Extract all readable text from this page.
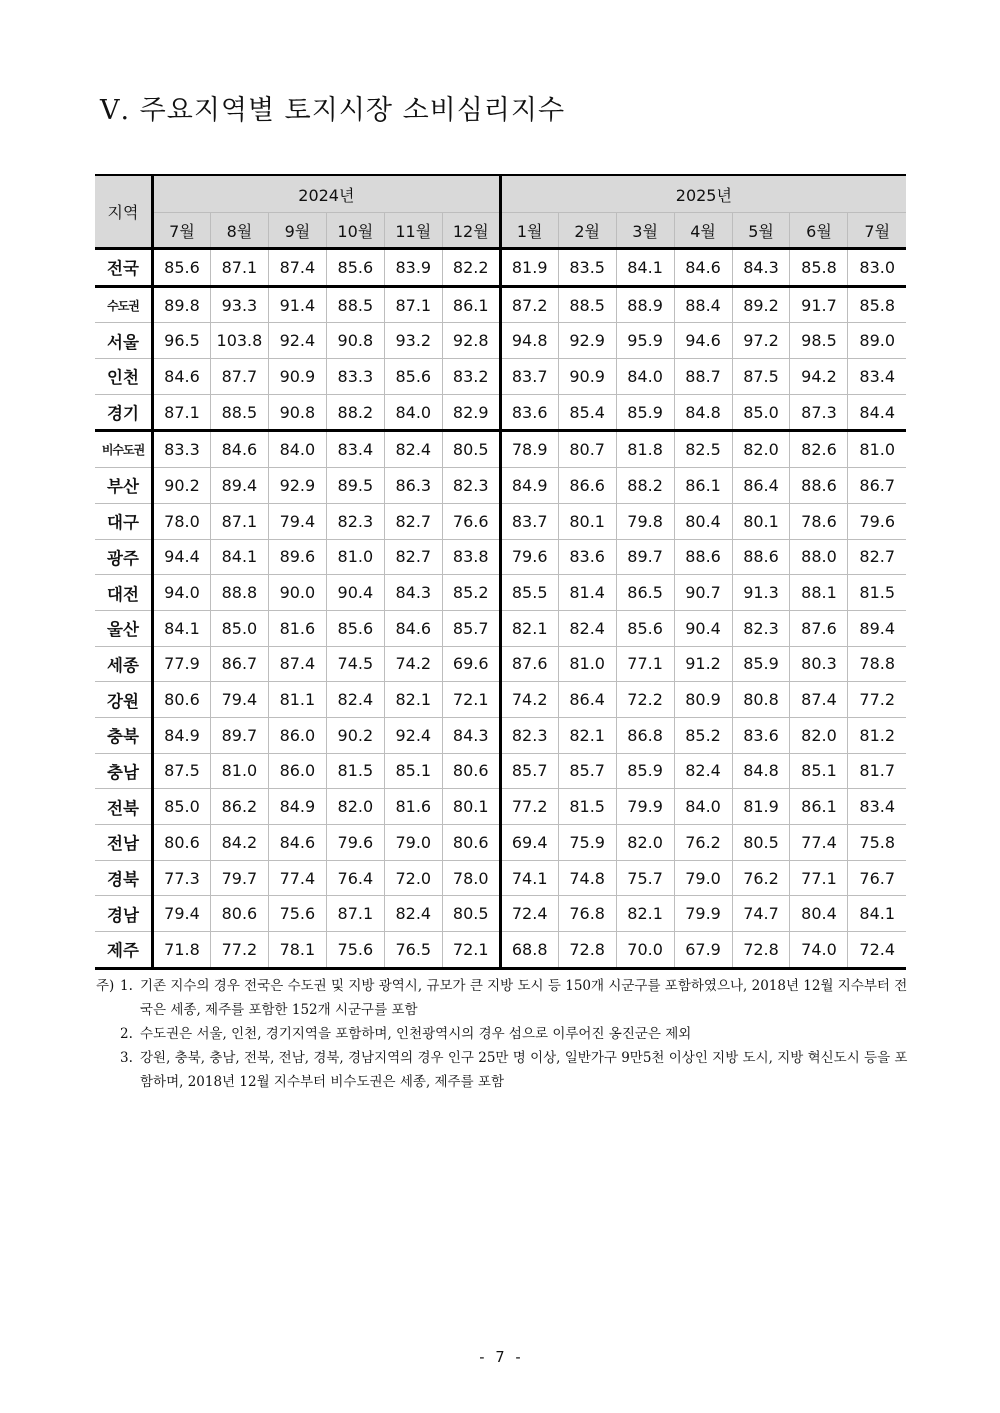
Ⅴ. 주요지역별 토지시장 소비심리지수
지역	2024년						2025년						
	7월	8월	9월	10월	11월	12월	1월	2월	3월	4월	5월	6월	7월
전국	85.6	87.1	87.4	85.6	83.9	82.2	81.9	83.5	84.1	84.6	84.3	85.8	83.0
수도권	89.8	93.3	91.4	88.5	87.1	86.1	87.2	88.5	88.9	88.4	89.2	91.7	85.8
서울	96.5	103.8	92.4	90.8	93.2	92.8	94.8	92.9	95.9	94.6	97.2	98.5	89.0
인천	84.6	87.7	90.9	83.3	85.6	83.2	83.7	90.9	84.0	88.7	87.5	94.2	83.4
경기	87.1	88.5	90.8	88.2	84.0	82.9	83.6	85.4	85.9	84.8	85.0	87.3	84.4
비수도권	83.3	84.6	84.0	83.4	82.4	80.5	78.9	80.7	81.8	82.5	82.0	82.6	81.0
부산	90.2	89.4	92.9	89.5	86.3	82.3	84.9	86.6	88.2	86.1	86.4	88.6	86.7
대구	78.0	87.1	79.4	82.3	82.7	76.6	83.7	80.1	79.8	80.4	80.1	78.6	79.6
광주	94.4	84.1	89.6	81.0	82.7	83.8	79.6	83.6	89.7	88.6	88.6	88.0	82.7
대전	94.0	88.8	90.0	90.4	84.3	85.2	85.5	81.4	86.5	90.7	91.3	88.1	81.5
울산	84.1	85.0	81.6	85.6	84.6	85.7	82.1	82.4	85.6	90.4	82.3	87.6	89.4
세종	77.9	86.7	87.4	74.5	74.2	69.6	87.6	81.0	77.1	91.2	85.9	80.3	78.8
강원	80.6	79.4	81.1	82.4	82.1	72.1	74.2	86.4	72.2	80.9	80.8	87.4	77.2
충북	84.9	89.7	86.0	90.2	92.4	84.3	82.3	82.1	86.8	85.2	83.6	82.0	81.2
충남	87.5	81.0	86.0	81.5	85.1	80.6	85.7	85.7	85.9	82.4	84.8	85.1	81.7
전북	85.0	86.2	84.9	82.0	81.6	80.1	77.2	81.5	79.9	84.0	81.9	86.1	83.4
전남	80.6	84.2	84.6	79.6	79.0	80.6	69.4	75.9	82.0	76.2	80.5	77.4	75.8
경북	77.3	79.7	77.4	76.4	72.0	78.0	74.1	74.8	75.7	79.0	76.2	77.1	76.7
경남	79.4	80.6	75.6	87.1	82.4	80.5	72.4	76.8	82.1	79.9	74.7	80.4	84.1
제주	71.8	77.2	78.1	75.6	76.5	72.1	68.8	72.8	70.0	67.9	72.8	74.0	72.4
주) 1. 기존 지수의 경우 전국은 수도권 및 지방 광역시, 규모가 큰 지방 도시 등 150개 시군구를 포함하였으나, 2018년 12월 지수부터 전국은 세종, 제주를 포함한 152개 시군구를 포함
2. 수도권은 서울, 인천, 경기지역을 포함하며, 인천광역시의 경우 섬으로 이루어진 옹진군은 제외
3. 강원, 충북, 충남, 전북, 전남, 경북, 경남지역의 경우 인구 25만 명 이상, 일반가구 9만5천 이상인 지방 도시, 지방 혁신도시 등을 포함하며, 2018년 12월 지수부터 비수도권은 세종, 제주를 포함
- 7 -
